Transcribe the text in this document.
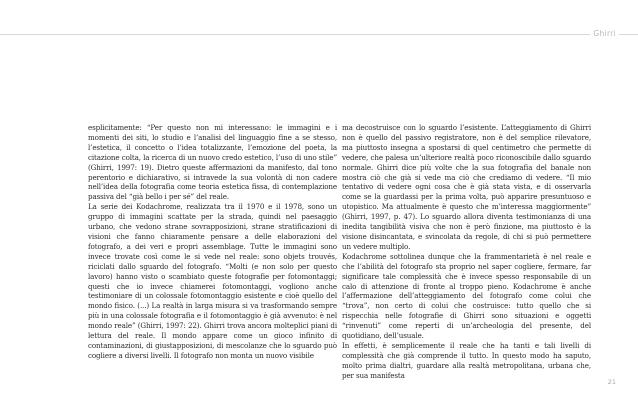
Ghirri

esplicitamente: “Per questo non mi interessano: le immagini e i momenti dei siti, lo studio e l’analisi del linguaggio fine a se stesso, l’estetica, il concetto o l’idea totalizzante, l’emozione del poeta, la citazione colta, la ricerca di un nuovo credo estetico, l’uso di uno stile” (Ghirri, 1997: 19). Dietro queste affermazioni da manifesto, dal tono perentorio e dichiarativo, si intravede la sua volontà di non cadere nell’idea della fotografia come teoria estetica fissa, di contemplazione passiva del “già bello i per sé” del reale.

La serie dei Kodachrome, realizzata tra il 1970 e il 1978, sono un gruppo di immagini scattate per la strada, quindi nel paesaggio urbano, che vedono strane sovrapposizioni, strane stratificazioni di visioni che fanno chiaramente pensare a delle elaborazioni del fotografo, a dei veri e propri assemblage. Tutte le immagini sono invece trovate così come le si vede nel reale: sono objets trouvés, riciclati dallo sguardo del fotografo. “Molti (e non solo per questo lavoro) hanno visto o scambiato queste fotografie per fotomontaggi; questi che io invece chiamerei fotomontaggi, vogliono anche testimoniare di un colossale fotomontaggio esistente e cioè quello del mondo fisico. (...) La realtà in larga misura si va trasformando sempre più in una colossale fotografia e il fotomontaggio è già avvenuto: è nel mondo reale” (Ghirri, 1997: 22). Ghirri trova ancora molteplici piani di lettura del reale. Il mondo appare come un gioco infinito di contaminazioni, di giustapposizioni, di mescolanze che lo sguardo può cogliere a diversi livelli. Il fotografo non monta un nuovo visibile

ma decostruisce con lo sguardo l’esistente. L’atteggiamento di Ghirri non è quello del passivo registratore, non è del semplice rilevatore, ma piuttosto insegna a spostarsi di quel centimetro che permette di vedere, che palesa un’ulteriore realtà poco riconoscibile dallo sguardo normale. Ghirri dice più volte che la sua fotografia del banale non mostra ciò che già si vede ma ciò che crediamo di vedere. “Il mio tentativo di vedere ogni cosa che è già stata vista, e di osservarla come se la guardassi per la prima volta, può apparire presuntuoso e utopistico. Ma attualmente è questo che m’interessa maggiormente” (Ghirri, 1997, p. 47). Lo sguardo allora diventa testimonianza di una inedita tangibilità visiva che non è però finzione, ma piuttosto è la visione disincantata, e svincolata da regole, di chi si può permettere un vedere multiplo.

Kodachrome sottolinea dunque che la frammentarietà è nel reale e che l’abilità del fotografo sta proprio nel saper cogliere, fermare, far significare tale complessità che è invece spesso responsabile di un calo di attenzione di fronte al troppo pieno. Kodachrome è anche l’affermazione dell’atteggiamento del fotografo come colui che “trova”, non certo di colui che costruisce: tutto quello che si rispecchia nelle fotografie di Ghirri sono situazioni e oggetti “rinvenuti” come reperti di un’archeologia del presente, del quotidiano, dell’usuale.

In effetti, è semplicemente il reale che ha tanti e tali livelli di complessità che già comprende il tutto. In questo modo ha saputo, molto prima dialtri, guardare alla realtà metropolitana, urbana che, per sua manifesta

21
